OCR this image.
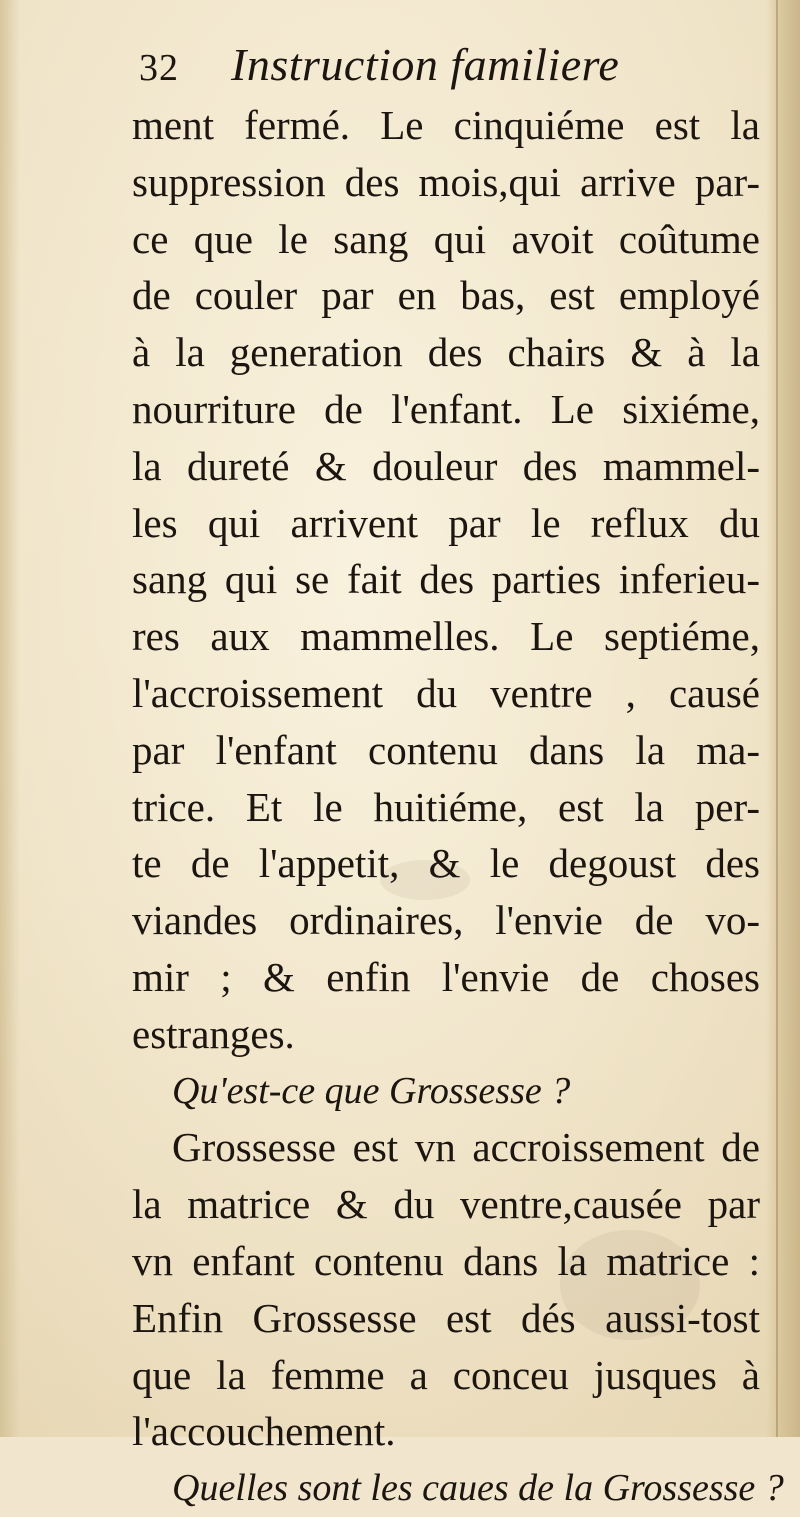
32 Instruction familiere
ment fermé. Le cinquiéme est la
suppression des mois,qui arrive par-
ce que le sang qui avoit coûtume
de couler par en bas, est employé
à la generation des chairs & à la
nourriture de l'enfant. Le sixiéme,
la dureté & douleur des mammel-
les qui arrivent par le reflux du
sang qui se fait des parties inferieu-
res aux mammelles. Le septiéme,
l'accroissement du ventre , causé
par l'enfant contenu dans la ma-
trice. Et le huitiéme, est la per-
te de l'appetit, & le degoust des
viandes ordinaires, l'envie de vo-
mir ; & enfin l'envie de choses
estranges.
Qu'est-ce que Grossesse ?
Grossesse est vn accroissement de
la matrice & du ventre,causée par
vn enfant contenu dans la matrice :
Enfin Grossesse est dés aussi-tost
que la femme a conceu jusques à
l'accouchement.
Quelles sont les caues de la Grossesse ?
